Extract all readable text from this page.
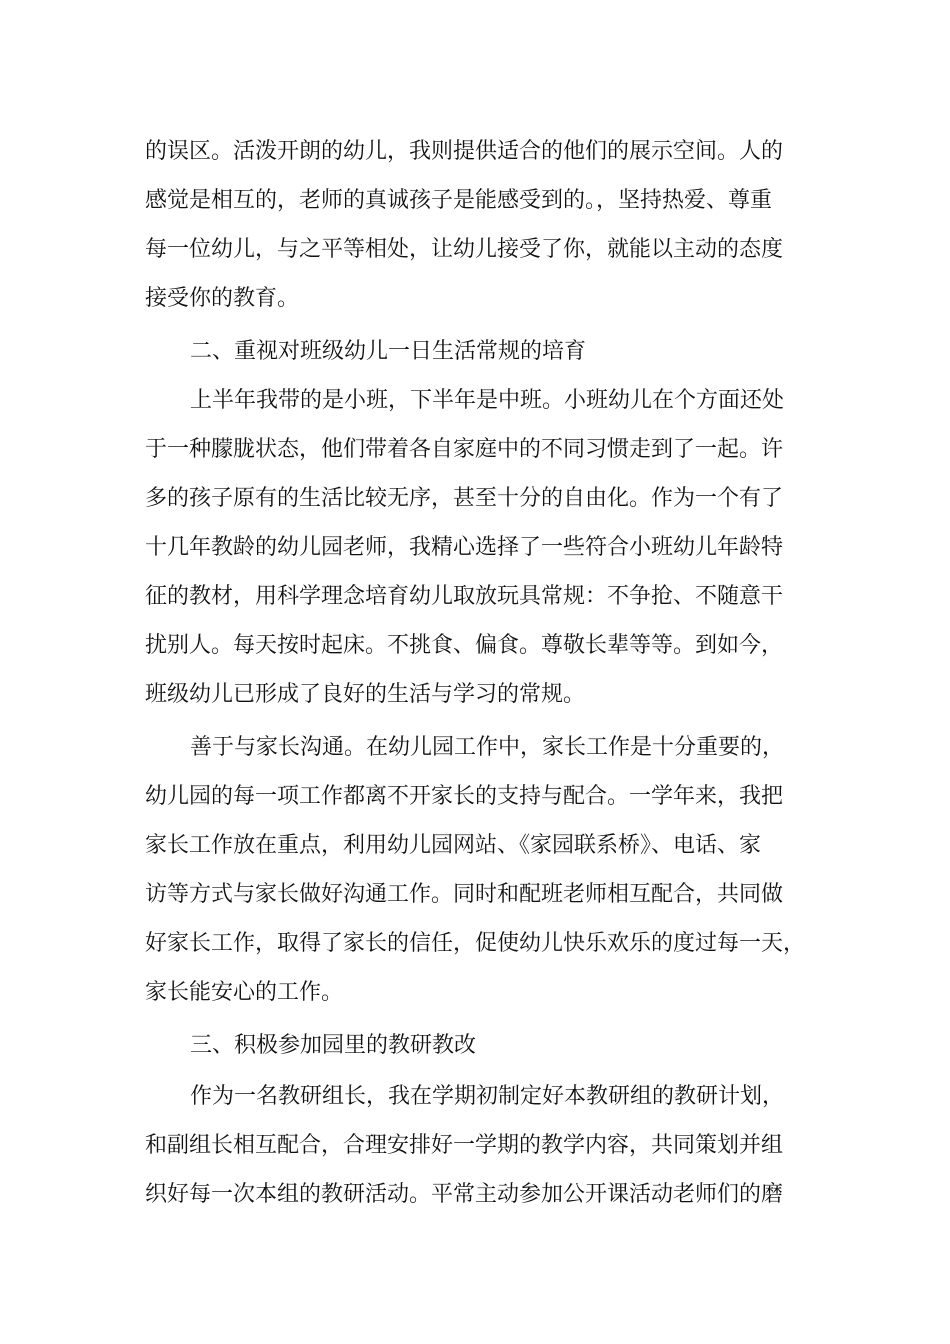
的误区。活泼开朗的幼儿，我则提供适合的他们的展示空间。人的
感觉是相互的，老师的真诚孩子是能感受到的。，坚持热爱、尊重
每一位幼儿，与之平等相处，让幼儿接受了你，就能以主动的态度
接受你的教育。
二、重视对班级幼儿一日生活常规的培育
上半年我带的是小班，下半年是中班。小班幼儿在个方面还处
于一种朦胧状态，他们带着各自家庭中的不同习惯走到了一起。许
多的孩子原有的生活比较无序，甚至十分的自由化。作为一个有了
十几年教龄的幼儿园老师，我精心选择了一些符合小班幼儿年龄特
征的教材，用科学理念培育幼儿取放玩具常规：不争抢、不随意干
扰别人。每天按时起床。不挑食、偏食。尊敬长辈等等。到如今，
班级幼儿已形成了良好的生活与学习的常规。
善于与家长沟通。在幼儿园工作中，家长工作是十分重要的，
幼儿园的每一项工作都离不开家长的支持与配合。一学年来，我把
家长工作放在重点，利用幼儿园网站、《家园联系桥》、电话、家
访等方式与家长做好沟通工作。同时和配班老师相互配合，共同做
好家长工作，取得了家长的信任，促使幼儿快乐欢乐的度过每一天，
家长能安心的工作。
三、积极参加园里的教研教改
作为一名教研组长，我在学期初制定好本教研组的教研计划，
和副组长相互配合，合理安排好一学期的教学内容，共同策划并组
织好每一次本组的教研活动。平常主动参加公开课活动老师们的磨
